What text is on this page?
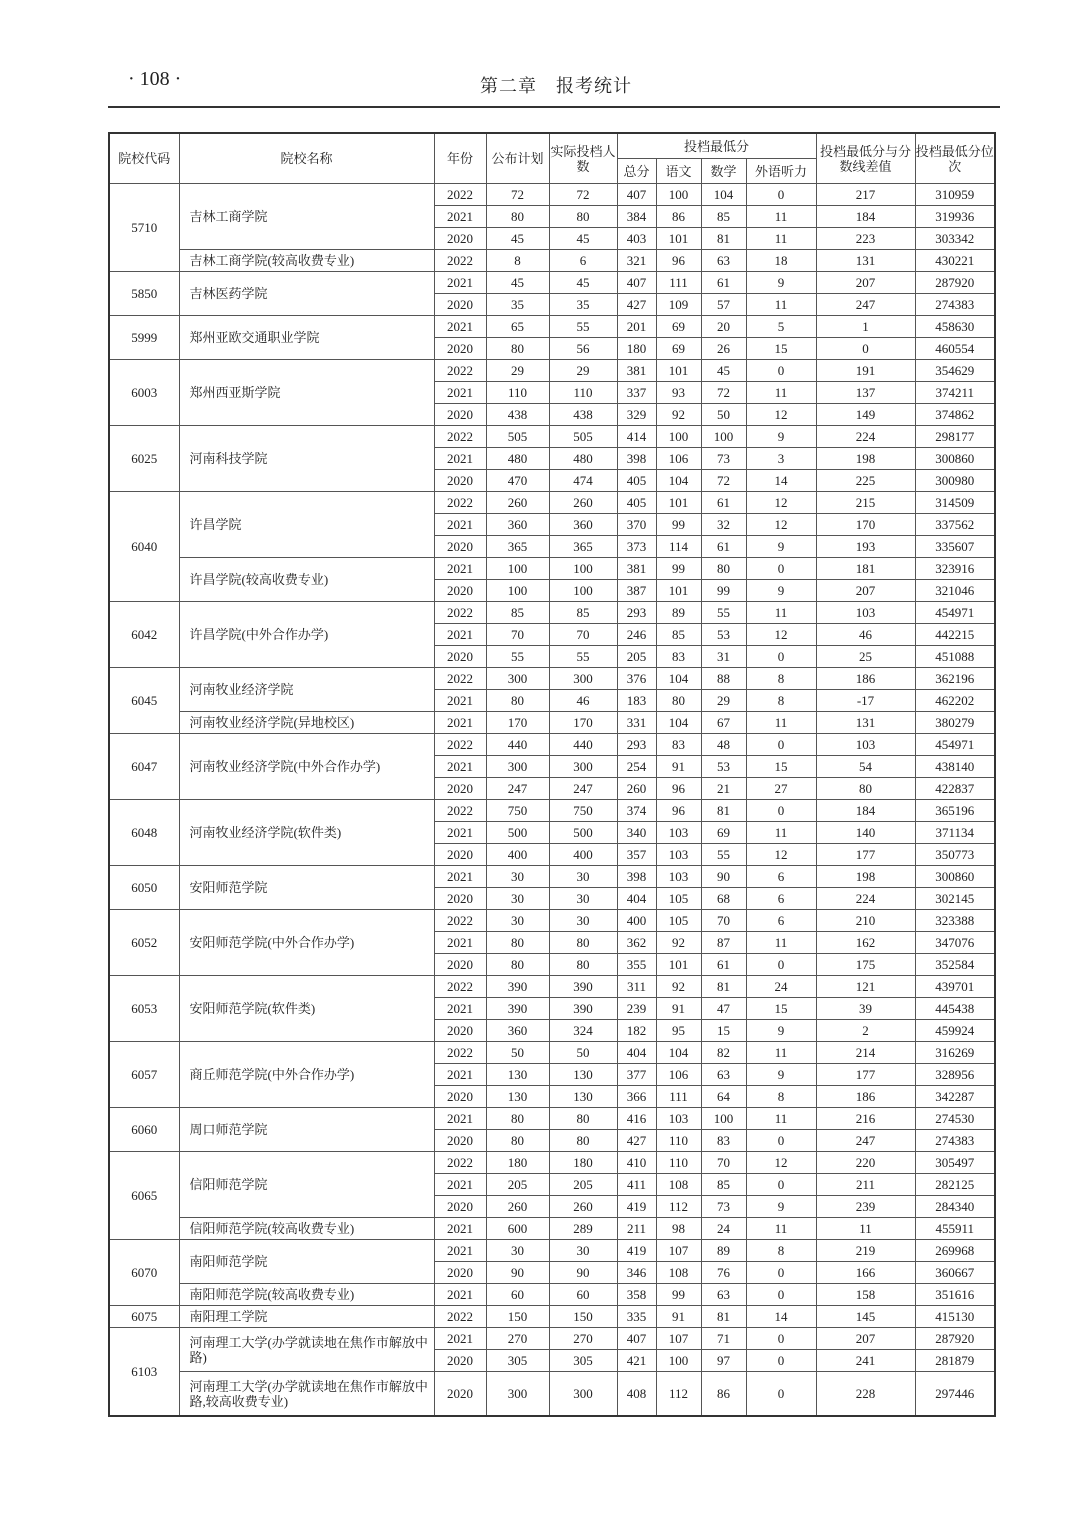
· 108 ·	第二章　报考统计
院校代码	院校名称	年份	公布计划	实际投档人数	投档最低分				投档最低分与分数线差值	投档最低分位次
					总分	语文	数学	外语听力		
5710	吉林工商学院	2022	72	72	407	100	104	0	217	310959
		2021	80	80	384	86	85	11	184	319936
		2020	45	45	403	101	81	11	223	303342
	吉林工商学院(较高收费专业)	2022	8	6	321	96	63	18	131	430221
5850	吉林医药学院	2021	45	45	407	111	61	9	207	287920
		2020	35	35	427	109	57	11	247	274383
5999	郑州亚欧交通职业学院	2021	65	55	201	69	20	5	1	458630
		2020	80	56	180	69	26	15	0	460554
6003	郑州西亚斯学院	2022	29	29	381	101	45	0	191	354629
		2021	110	110	337	93	72	11	137	374211
		2020	438	438	329	92	50	12	149	374862
6025	河南科技学院	2022	505	505	414	100	100	9	224	298177
		2021	480	480	398	106	73	3	198	300860
		2020	470	474	405	104	72	14	225	300980
6040	许昌学院	2022	260	260	405	101	61	12	215	314509
		2021	360	360	370	99	32	12	170	337562
		2020	365	365	373	114	61	9	193	335607
	许昌学院(较高收费专业)	2021	100	100	381	99	80	0	181	323916
		2020	100	100	387	101	99	9	207	321046
6042	许昌学院(中外合作办学)	2022	85	85	293	89	55	11	103	454971
		2021	70	70	246	85	53	12	46	442215
		2020	55	55	205	83	31	0	25	451088
6045	河南牧业经济学院	2022	300	300	376	104	88	8	186	362196
		2021	80	46	183	80	29	8	-17	462202
	河南牧业经济学院(异地校区)	2021	170	170	331	104	67	11	131	380279
6047	河南牧业经济学院(中外合作办学)	2022	440	440	293	83	48	0	103	454971
		2021	300	300	254	91	53	15	54	438140
		2020	247	247	260	96	21	27	80	422837
6048	河南牧业经济学院(软件类)	2022	750	750	374	96	81	0	184	365196
		2021	500	500	340	103	69	11	140	371134
		2020	400	400	357	103	55	12	177	350773
6050	安阳师范学院	2021	30	30	398	103	90	6	198	300860
		2020	30	30	404	105	68	6	224	302145
6052	安阳师范学院(中外合作办学)	2022	30	30	400	105	70	6	210	323388
		2021	80	80	362	92	87	11	162	347076
		2020	80	80	355	101	61	0	175	352584
6053	安阳师范学院(软件类)	2022	390	390	311	92	81	24	121	439701
		2021	390	390	239	91	47	15	39	445438
		2020	360	324	182	95	15	9	2	459924
6057	商丘师范学院(中外合作办学)	2022	50	50	404	104	82	11	214	316269
		2021	130	130	377	106	63	9	177	328956
		2020	130	130	366	111	64	8	186	342287
6060	周口师范学院	2021	80	80	416	103	100	11	216	274530
		2020	80	80	427	110	83	0	247	274383
6065	信阳师范学院	2022	180	180	410	110	70	12	220	305497
		2021	205	205	411	108	85	0	211	282125
		2020	260	260	419	112	73	9	239	284340
	信阳师范学院(较高收费专业)	2021	600	289	211	98	24	11	11	455911
6070	南阳师范学院	2021	30	30	419	107	89	8	219	269968
		2020	90	90	346	108	76	0	166	360667
	南阳师范学院(较高收费专业)	2021	60	60	358	99	63	0	158	351616
6075	南阳理工学院	2022	150	150	335	91	81	14	145	415130
6103	河南理工大学(办学就读地在焦作市解放中路)	2021	270	270	407	107	71	0	207	287920
		2020	305	305	421	100	97	0	241	281879
	河南理工大学(办学就读地在焦作市解放中路,较高收费专业)	2020	300	300	408	112	86	0	228	297446
